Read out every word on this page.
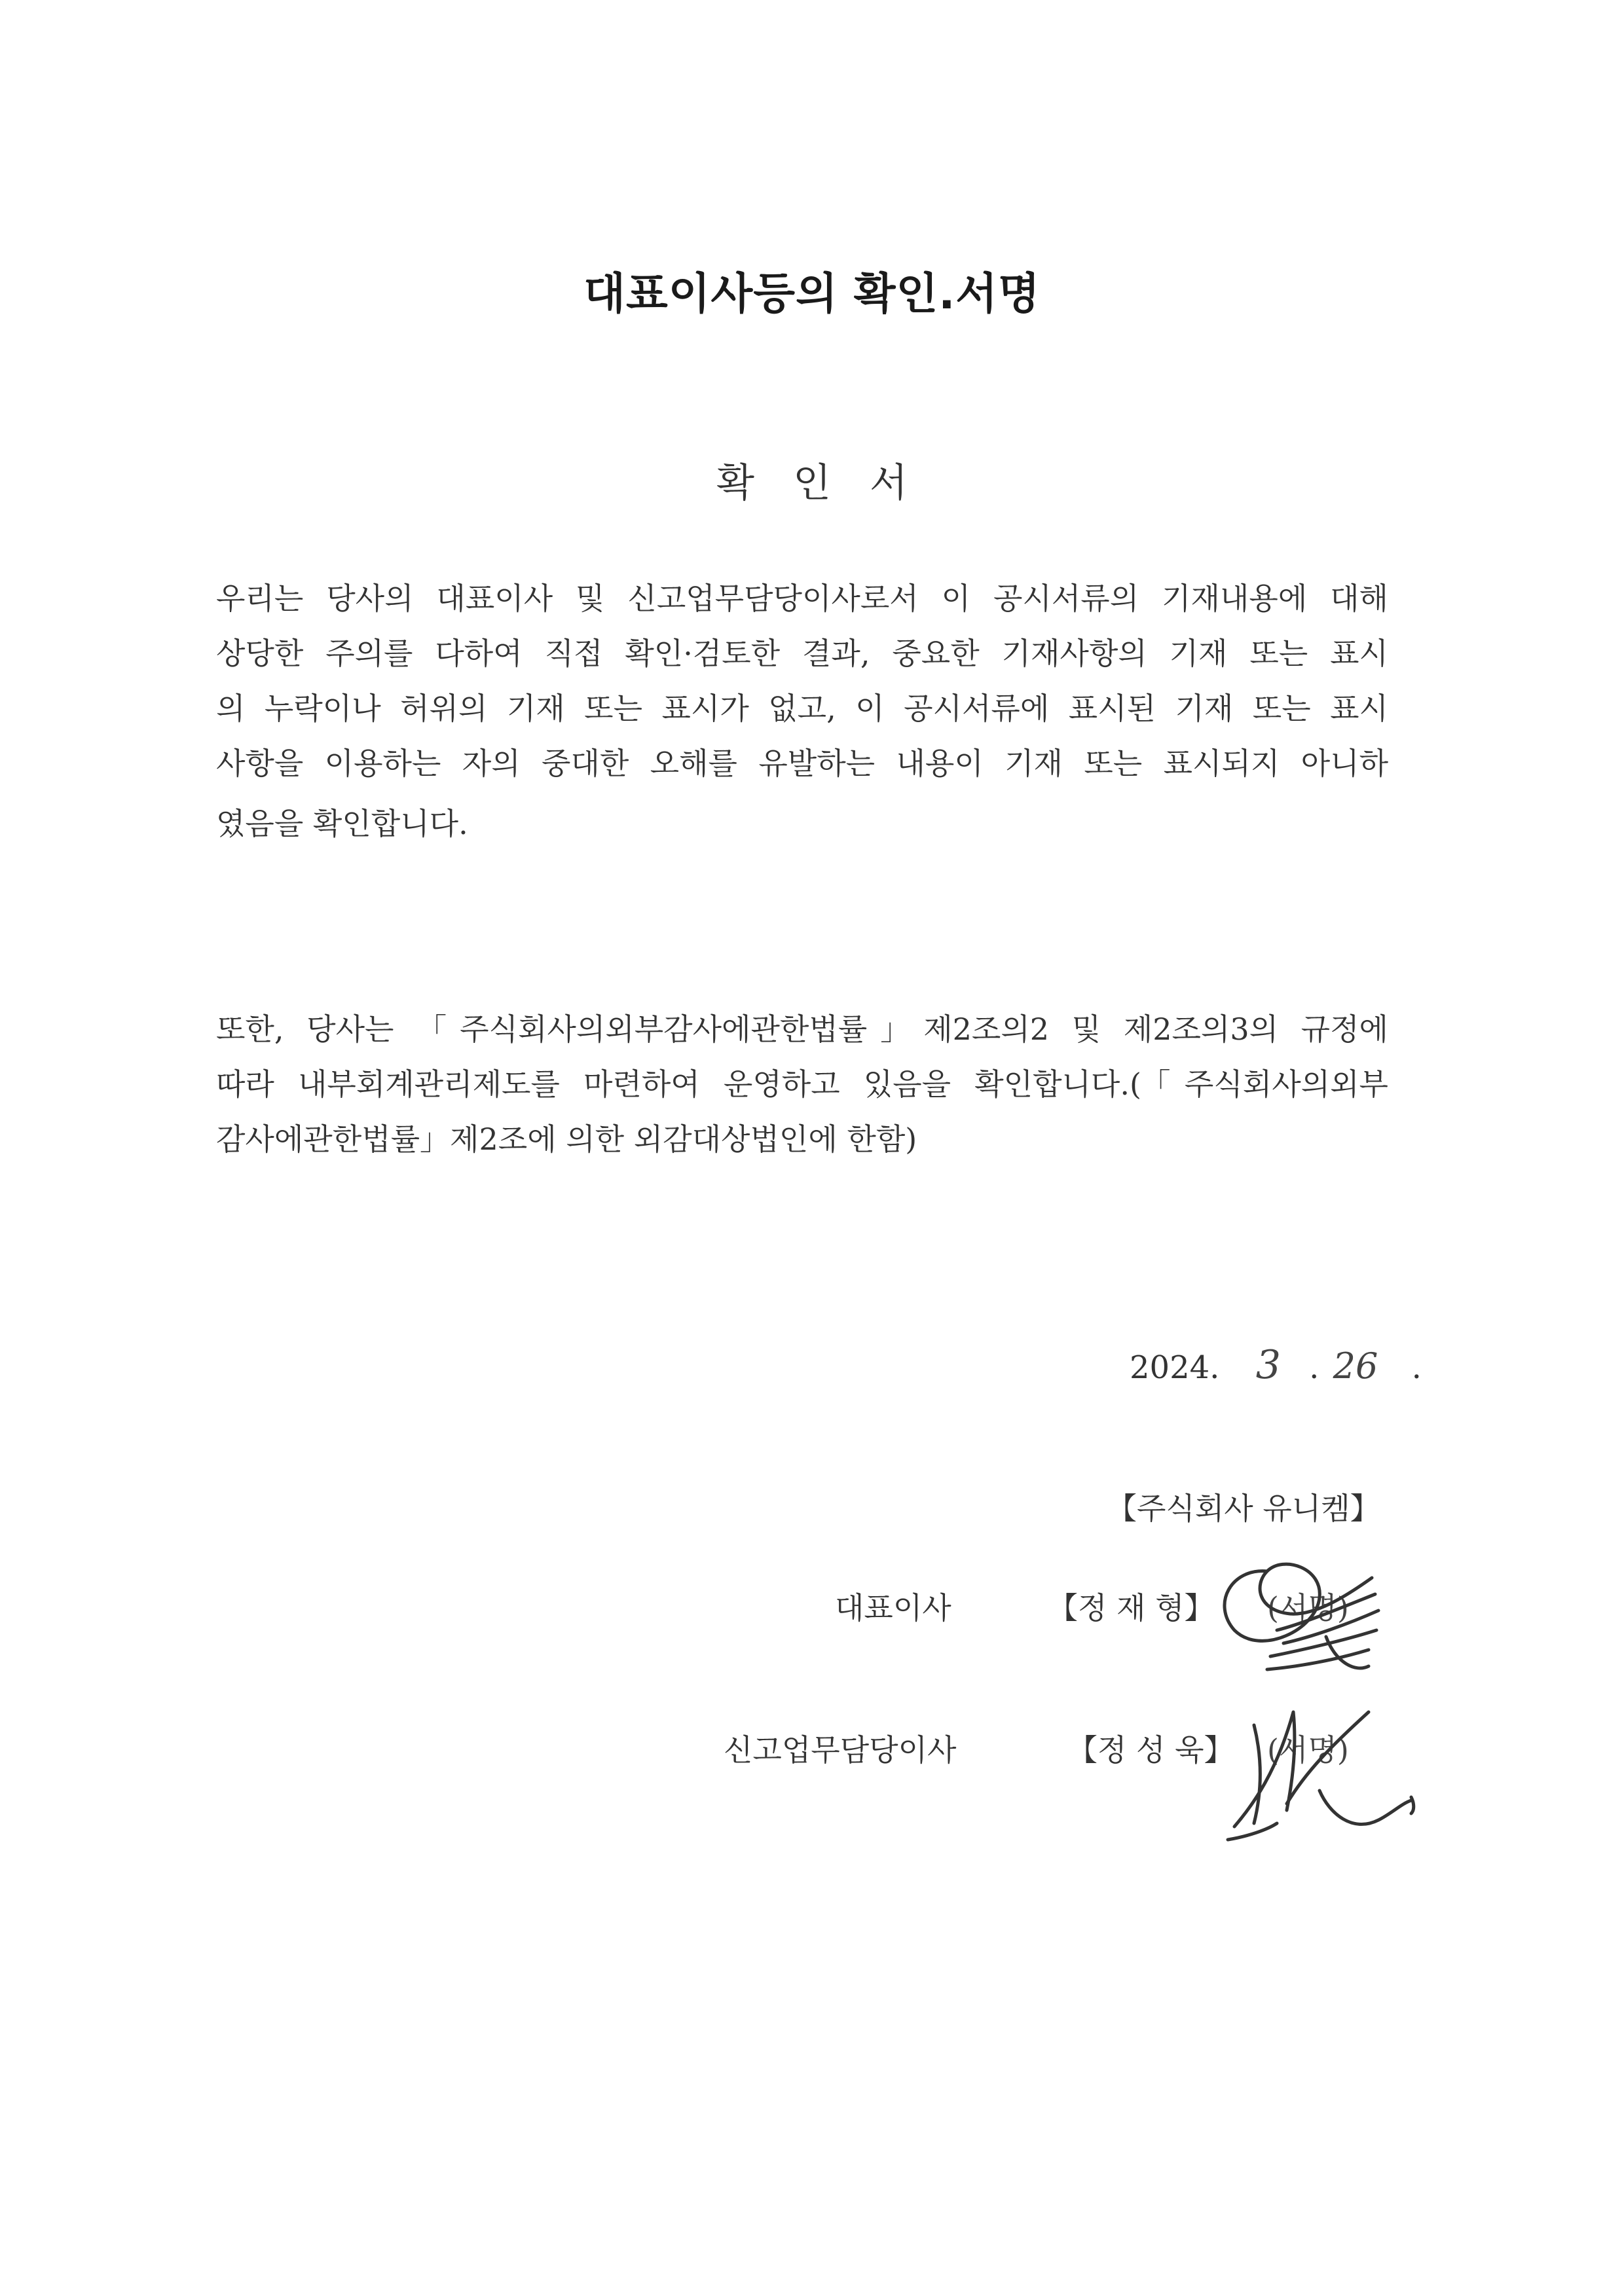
대표이사등의 확인.서명
확 인 서
우리는 당사의 대표이사 및 신고업무담당이사로서 이 공시서류의 기재내용에 대해
상당한 주의를 다하여 직접 확인·검토한 결과, 중요한 기재사항의 기재 또는 표시
의 누락이나 허위의 기재 또는 표시가 없고, 이 공시서류에 표시된 기재 또는 표시
사항을 이용하는 자의 중대한 오해를 유발하는 내용이 기재 또는 표시되지 아니하
였음을 확인합니다.
또한, 당사는 「주식회사의외부감사에관한법률」제2조의2 및 제2조의3의 규정에
따라 내부회계관리제도를 마련하여 운영하고 있음을 확인합니다.(「주식회사의외부
감사에관한법률」제2조에 의한 외감대상법인에 한함)
2024. 3 . 26 .
【주식회사 유니켐】
대표이사	【정 재 형】 (서명)
신고업무담당이사	【정 성 욱】 (서명)
